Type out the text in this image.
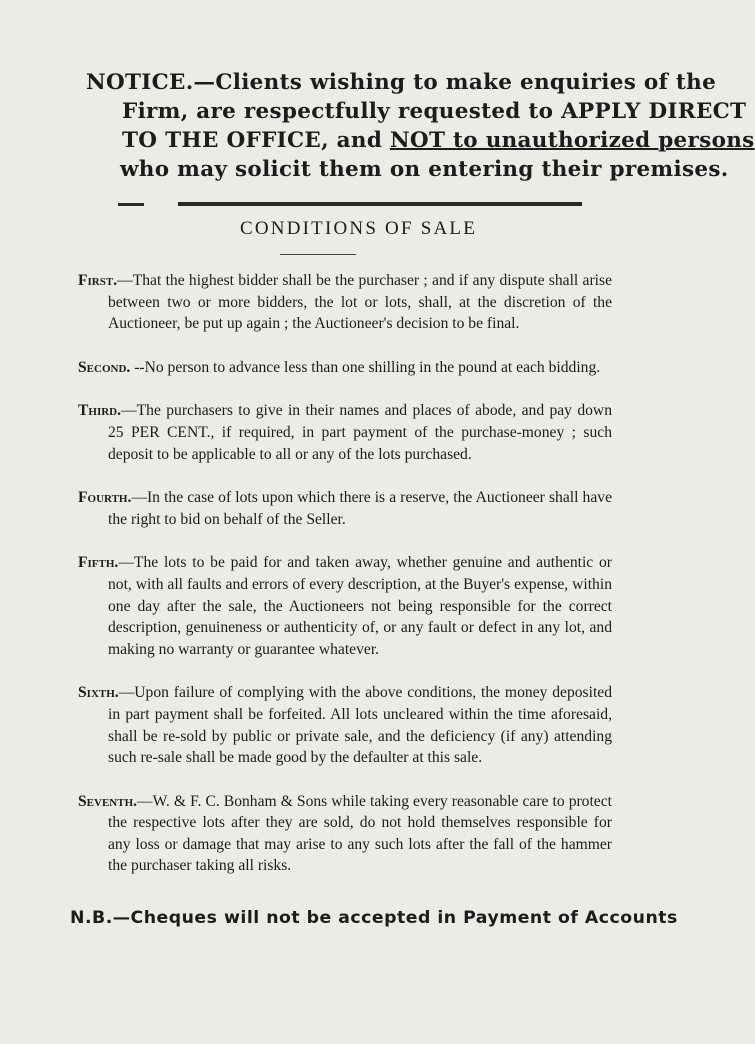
NOTICE.—Clients wishing to make enquiries of the
Firm, are respectfully requested to APPLY DIRECT
TO THE OFFICE, and NOT to unauthorized persons
who may solicit them on entering their premises.
CONDITIONS OF SALE

First.—That the highest bidder shall be the purchaser ; and if any dispute shall arise between two or more bidders, the lot or lots, shall, at the discretion of the Auctioneer, be put up again ; the Auctioneer's decision to be final.

Second. --No person to advance less than one shilling in the pound at each bidding.

Third.—The purchasers to give in their names and places of abode, and pay down 25 PER CENT., if required, in part payment of the purchase-money ; such deposit to be applicable to all or any of the lots purchased.

Fourth.—In the case of lots upon which there is a reserve, the Auctioneer shall have the right to bid on behalf of the Seller.

Fifth.—The lots to be paid for and taken away, whether genuine and authentic or not, with all faults and errors of every description, at the Buyer's expense, within one day after the sale, the Auctioneers not being responsible for the correct description, genuineness or authenticity of, or any fault or defect in any lot, and making no warranty or guarantee whatever.

Sixth.—Upon failure of complying with the above conditions, the money deposited in part payment shall be forfeited. All lots uncleared within the time aforesaid, shall be re-sold by public or private sale, and the deficiency (if any) attending such re-sale shall be made good by the defaulter at this sale.

Seventh.—W. & F. C. Bonham & Sons while taking every reasonable care to protect the respective lots after they are sold, do not hold themselves responsible for any loss or damage that may arise to any such lots after the fall of the hammer the purchaser taking all risks.

N.B.—Cheques will not be accepted in Payment of Accounts
